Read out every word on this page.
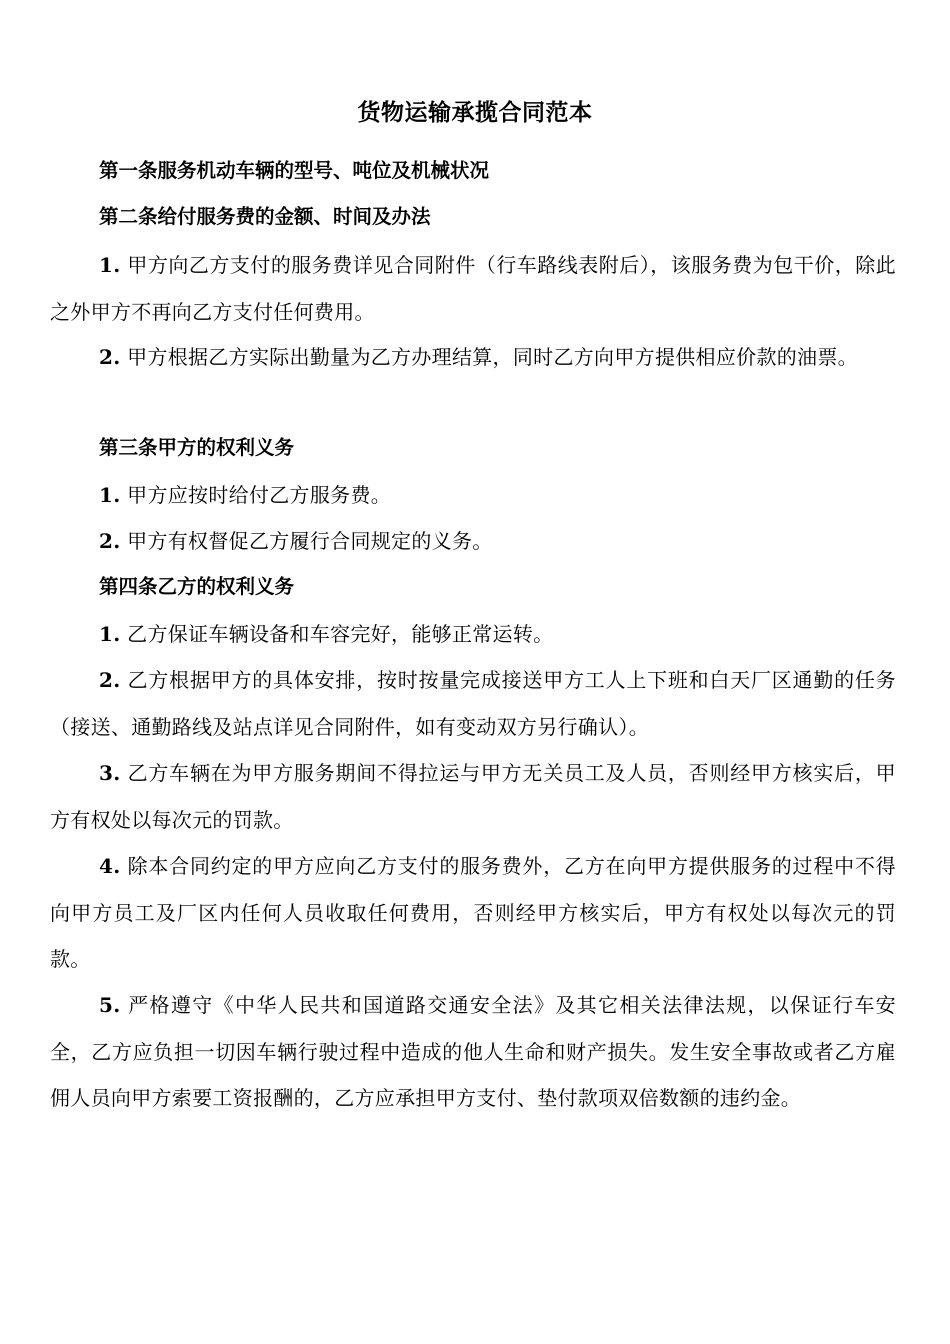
货物运输承揽合同范本
第一条服务机动车辆的型号、吨位及机械状况
第二条给付服务费的金额、时间及办法
1. 甲方向乙方支付的服务费详见合同附件（行车路线表附后），该服务费为包干价，除此之外甲方不再向乙方支付任何费用。
2. 甲方根据乙方实际出勤量为乙方办理结算，同时乙方向甲方提供相应价款的油票。
第三条甲方的权利义务
1. 甲方应按时给付乙方服务费。
2. 甲方有权督促乙方履行合同规定的义务。
第四条乙方的权利义务
1. 乙方保证车辆设备和车容完好，能够正常运转。
2. 乙方根据甲方的具体安排，按时按量完成接送甲方工人上下班和白天厂区通勤的任务（接送、通勤路线及站点详见合同附件，如有变动双方另行确认）。
3. 乙方车辆在为甲方服务期间不得拉运与甲方无关员工及人员，否则经甲方核实后，甲方有权处以每次元的罚款。
4. 除本合同约定的甲方应向乙方支付的服务费外，乙方在向甲方提供服务的过程中不得向甲方员工及厂区内任何人员收取任何费用，否则经甲方核实后，甲方有权处以每次元的罚款。
5. 严格遵守《中华人民共和国道路交通安全法》及其它相关法律法规，以保证行车安全，乙方应负担一切因车辆行驶过程中造成的他人生命和财产损失。发生安全事故或者乙方雇佣人员向甲方索要工资报酬的，乙方应承担甲方支付、垫付款项双倍数额的违约金。
